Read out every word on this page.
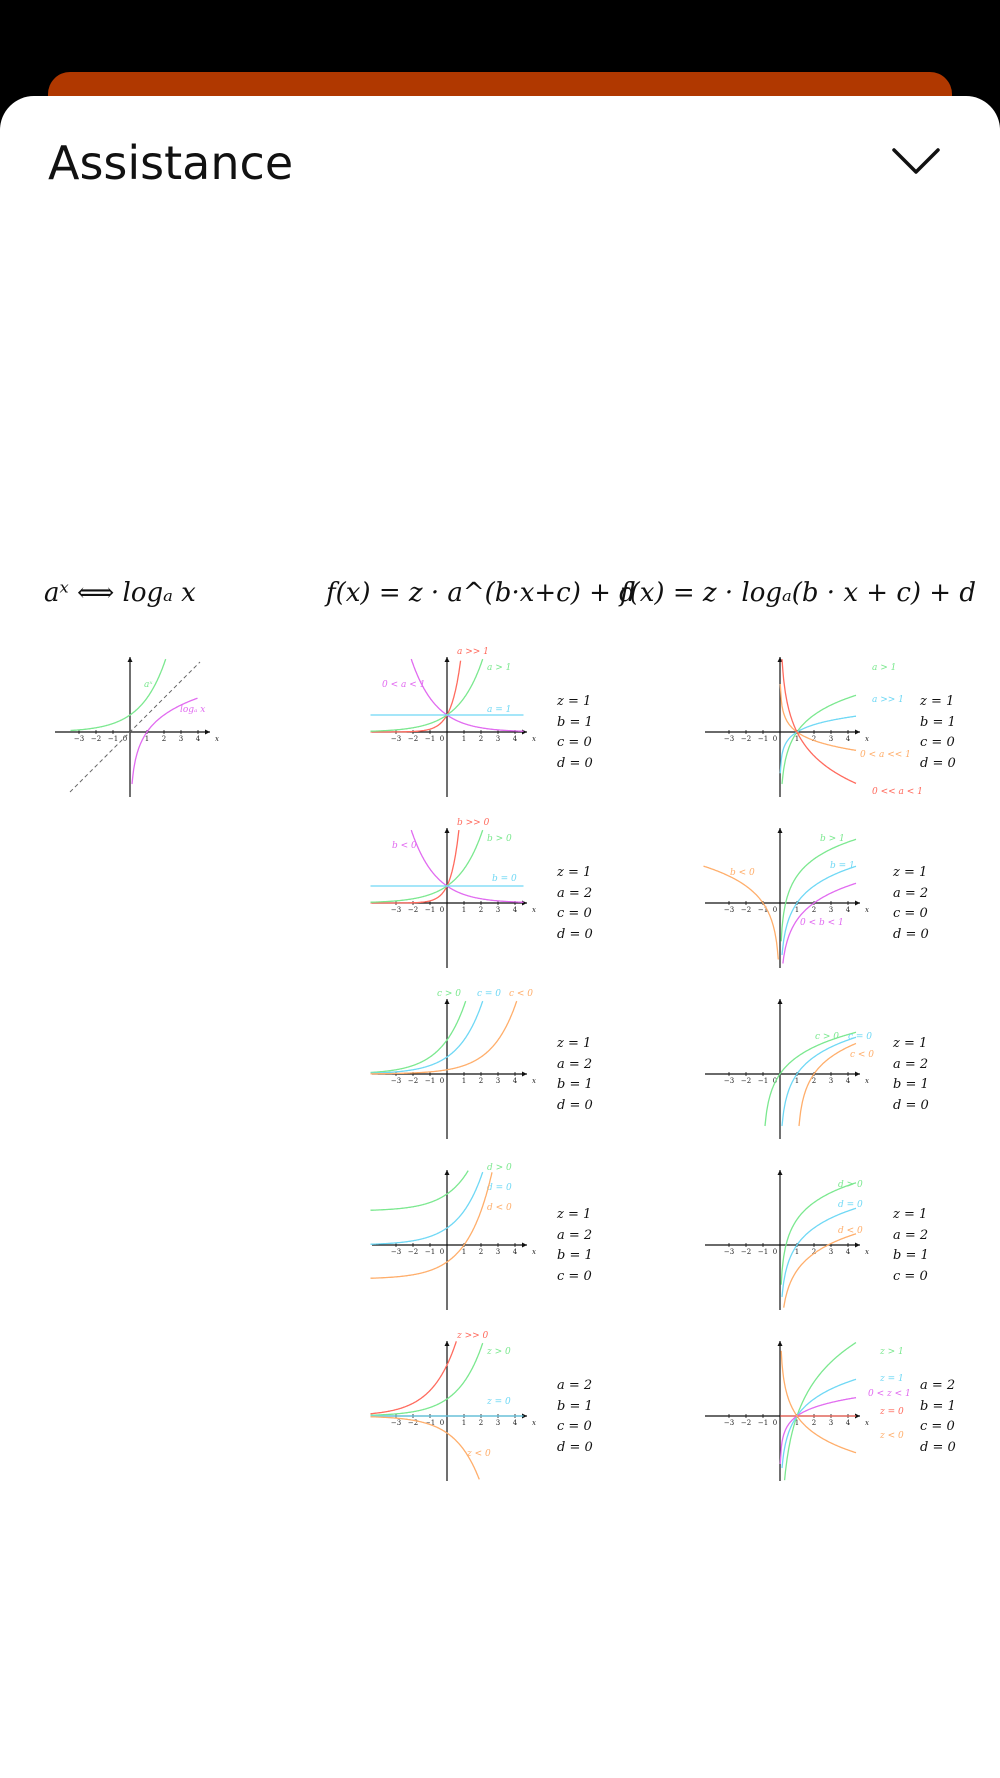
Assistance
aˣ ⟺ logₐ x	f(x) = z · a^(b·x+c) + d
f(x) = z · logₐ(b · x + c) + d
−3 −2 −1 0	1 2 3 4 x
aˣ
logₐ x
−3 −2 −1 0	1 2 3 4 x
a >> 1
a > 1
0 < a < 1
a = 1
z = 1
b = 1
c = 0
d = 0
−3 −2 −1 0	1 2 3 4 x
b >> 0
b > 0
b < 0
b = 0	z = 1
a = 2
c = 0
d = 0
−3 −2 −1 0	1 2 3 4 x
c > 0 c = 0 c < 0
z = 1
a = 2
b = 1
d = 0
−3 −2 −1 0	1 2 3 4 x
d > 0
d = 0
d < 0	z = 1
a = 2
b = 1
c = 0
−3 −2 −1 0	1 2 3 4 x
z >> 0
z > 0
z = 0
z < 0
a = 2
b = 1
c = 0
d = 0
−3 −2 −1 0	1 2 3 4 x
a > 1
a >> 1
0 < a << 1
0 << a < 1
z = 1
b = 1
c = 0
d = 0
−3 −2 −1 0	1 2 3 4 x
b > 1
b = 1
b < 0
0 < b < 1
z = 1
a = 2
c = 0
d = 0
−3 −2 −1 0	1 2 3 4 x
c > 0 c = 0
c < 0
z = 1
a = 2
b = 1
d = 0
−3 −2 −1 0	1 2 3 4 x
d > 0
d = 0
d < 0
z = 1
a = 2
b = 1
c = 0
−3 −2 −1 0	1 2 3 4 x
z > 1
z = 1
0 < z < 1
z = 0
z < 0
a = 2
b = 1
c = 0
d = 0
